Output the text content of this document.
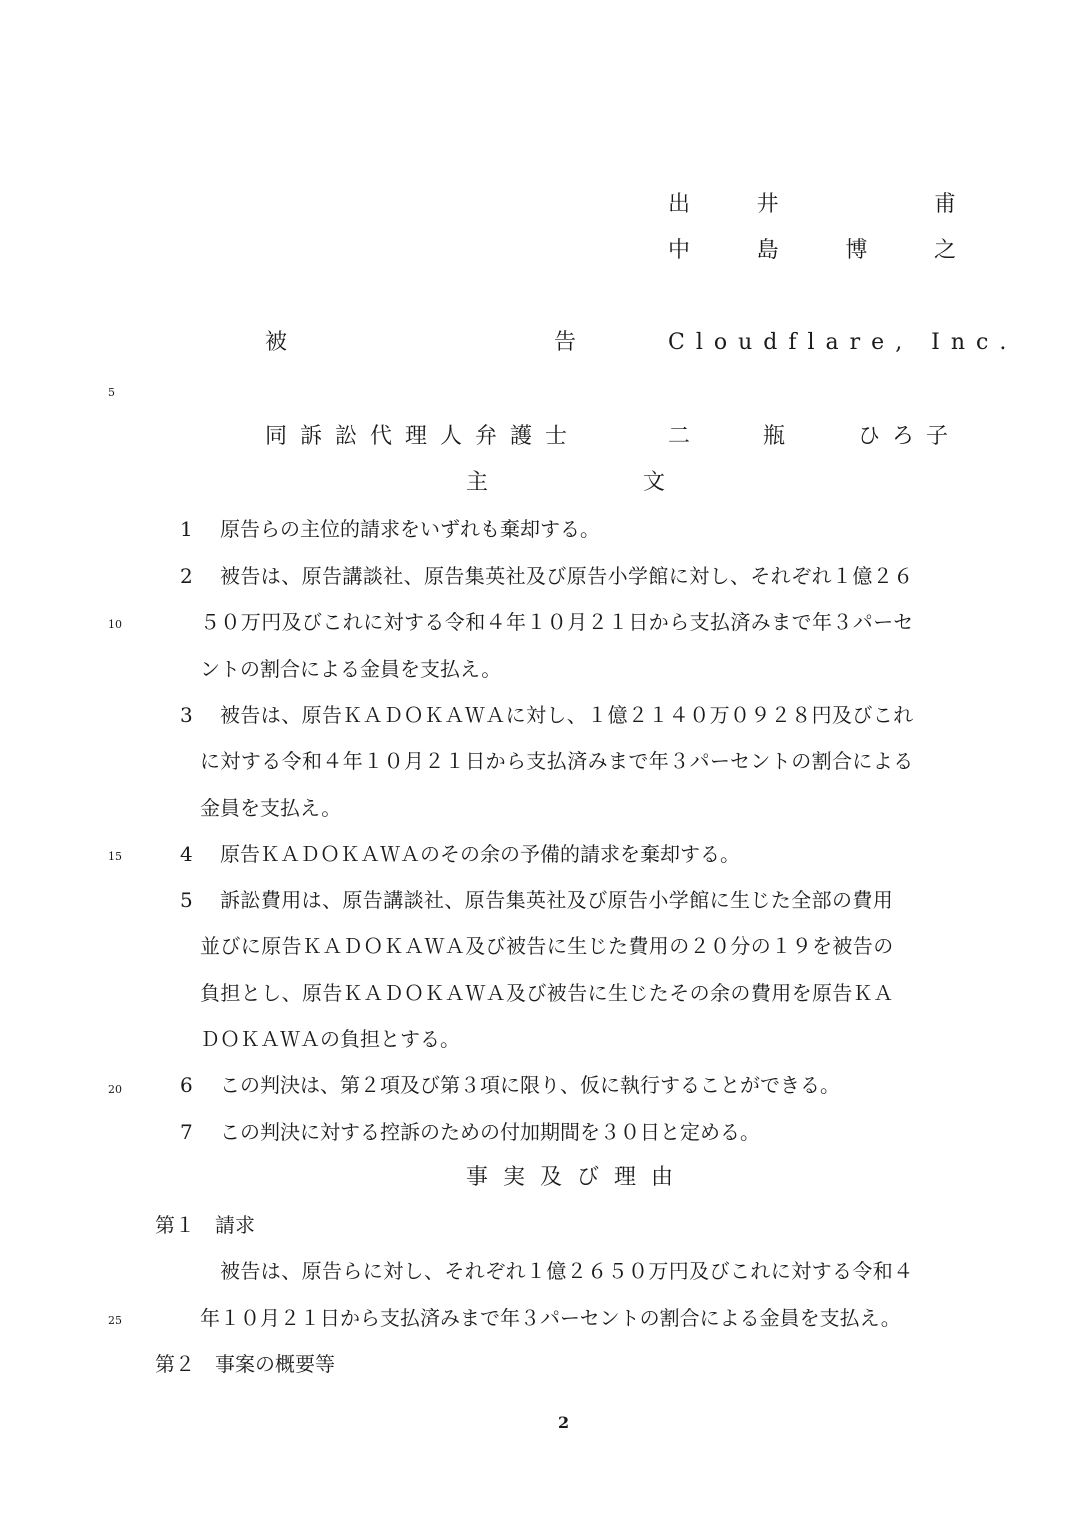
出	井	甫
中	島	博	之
被	告	Cloudflare, Inc.
同訴訟代理人弁護士	二	瓶	ひろ子
主	文
1 原告らの主位的請求をいずれも棄却する。
2 被告は、原告講談社、原告集英社及び原告小学館に対し、それぞれ１億２６
５０万円及びこれに対する令和４年１０月２１日から支払済みまで年３パーセ
ントの割合による金員を支払え。
3 被告は、原告ＫＡＤＯＫＡＷＡに対し、１億２１４０万０９２８円及びこれ
に対する令和４年１０月２１日から支払済みまで年３パーセントの割合による
金員を支払え。
4 原告ＫＡＤＯＫＡＷＡのその余の予備的請求を棄却する。
5 訴訟費用は、原告講談社、原告集英社及び原告小学館に生じた全部の費用
並びに原告ＫＡＤＯＫＡＷＡ及び被告に生じた費用の２０分の１９を被告の
負担とし、原告ＫＡＤＯＫＡＷＡ及び被告に生じたその余の費用を原告ＫＡ
ＤＯＫＡＷＡの負担とする。
6 この判決は、第２項及び第３項に限り、仮に執行することができる。
7 この判決に対する控訴のための付加期間を３０日と定める。
事 実 及 び 理 由
第１　請求
被告は、原告らに対し、それぞれ１億２６５０万円及びこれに対する令和４
年１０月２１日から支払済みまで年３パーセントの割合による金員を支払え。
第２　事案の概要等
5
10
15
20
25
2
